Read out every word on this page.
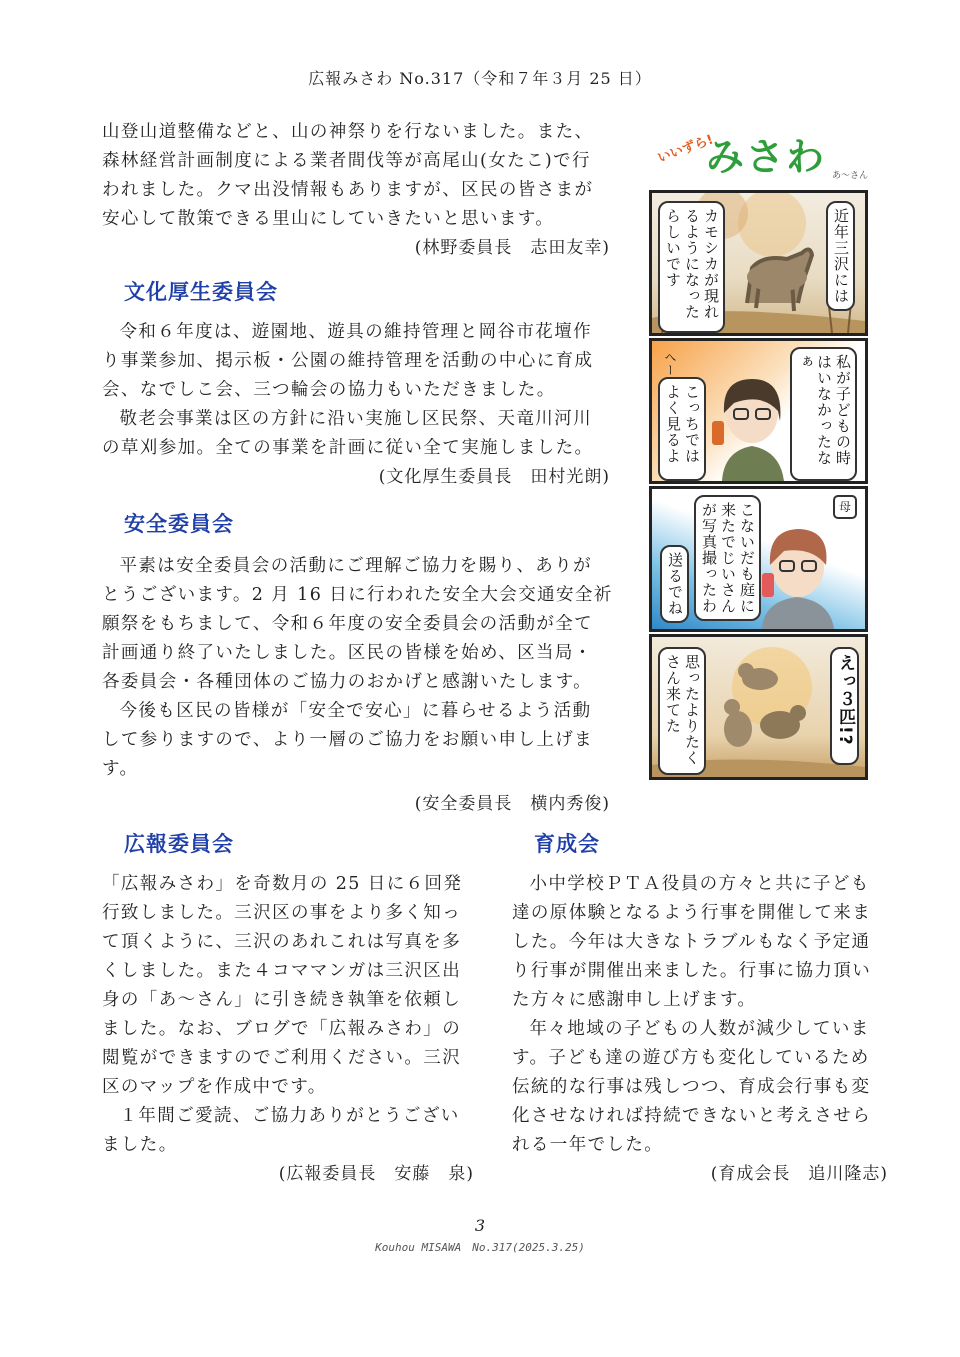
広報みさわ No.317（令和７年３月 25 日）
山登山道整備などと、山の神祭りを行ないました。また、
森林経営計画制度による業者間伐等が高尾山(女たこ)で行
われました。クマ出没情報もありますが、区民の皆さまが
安心して散策できる里山にしていきたいと思います。
(林野委員長　志田友幸)
文化厚生委員会
令和６年度は、遊園地、遊具の維持管理と岡谷市花壇作
り事業参加、掲示板・公園の維持管理を活動の中心に育成
会、なでしこ会、三つ輪会の協力もいただきました。
敬老会事業は区の方針に沿い実施し区民祭、天竜川河川
の草刈参加。全ての事業を計画に従い全て実施しました。
(文化厚生委員長　田村光朗)
安全委員会
平素は安全委員会の活動にご理解ご協力を賜り、ありが
とうございます。2 月 16 日に行われた安全大会交通安全祈
願祭をもちまして、令和６年度の安全委員会の活動が全て
計画通り終了いたしました。区民の皆様を始め、区当局・
各委員会・各種団体のご協力のおかげと感謝いたします。
今後も区民の皆様が「安全で安心」に暮らせるよう活動
して参りますので、より一層のご協力をお願い申し上げま
す。
(安全委員長　横内秀俊)
広報委員会
「広報みさわ」を奇数月の 25 日に６回発
行致しました。三沢区の事をより多く知っ
て頂くように、三沢のあれこれは写真を多
くしました。また４コママンガは三沢区出
身の「あ～さん」に引き続き執筆を依頼し
ました。なお、ブログで「広報みさわ」の
閲覧ができますのでご利用ください。三沢
区のマップを作成中です。
１年間ご愛読、ご協力ありがとうござい
ました。
(広報委員長　安藤　泉)
育成会
小中学校ＰＴＡ役員の方々と共に子ども
達の原体験となるよう行事を開催して来ま
した。今年は大きなトラブルもなく予定通
り行事が開催出来ました。行事に協力頂い
た方々に感謝申し上げます。
年々地域の子どもの人数が減少していま
す。子ども達の遊び方も変化しているため
伝統的な行事は残しつつ、育成会行事も変
化させなければ持続できないと考えさせら
れる一年でした。
(育成会長　追川隆志)
いいずら!
みさわ あ～さん
近年三沢には
カモシカが現れるようになったらしいです
へー	私が子どもの時はいなかったなぁ
こっちではよく見るよ
母
こないだも庭に来たでじいさんが写真撮ったわ
送るでね
えっ３匹!?
思ったよりたくさん来てた
3
Kouhou MISAWA　No.317(2025.3.25)
